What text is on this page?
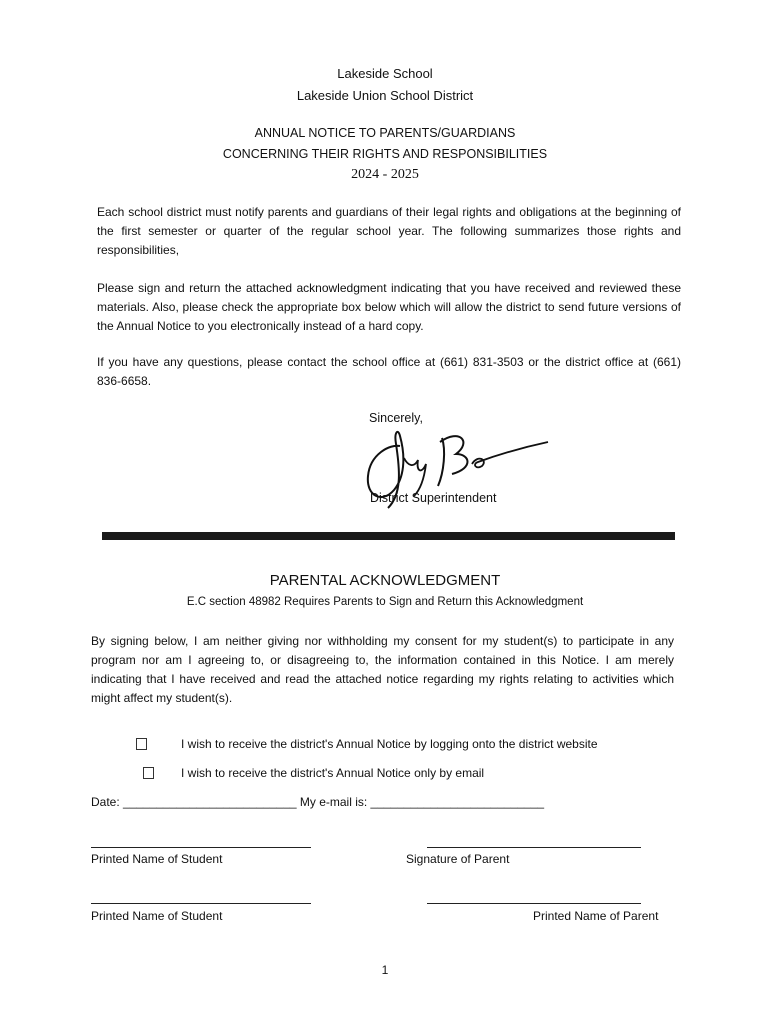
Lakeside School
Lakeside Union School District
ANNUAL NOTICE TO PARENTS/GUARDIANS
CONCERNING THEIR RIGHTS AND RESPONSIBILITIES
2024 - 2025
Each school district must notify parents and guardians of their legal rights and obligations at the beginning of the first semester or quarter of the regular school year. The following summarizes those rights and responsibilities,
Please sign and return the attached acknowledgment indicating that you have received and reviewed these materials. Also, please check the appropriate box below which will allow the district to send future versions of the Annual Notice to you electronically instead of a hard copy.
If you have any questions, please contact the school office at (661) 831-3503 or the district office at (661) 836-6658.
Sincerely,
District Superintendent
PARENTAL ACKNOWLEDGMENT
E.C section 48982 Requires Parents to Sign and Return this Acknowledgment
By signing below, I am neither giving nor withholding my consent for my student(s) to participate in any program nor am I agreeing to, or disagreeing to, the information contained in this Notice. I am merely indicating that I have received and read the attached notice regarding my rights relating to activities which might affect my student(s).
I wish to receive the district's Annual Notice by logging onto the district website
I wish to receive the district's Annual Notice only by email
Date: __________________________ My e-mail is: __________________________
Printed Name of Student	Signature of Parent
Printed Name of Student	Printed Name of Parent
1
